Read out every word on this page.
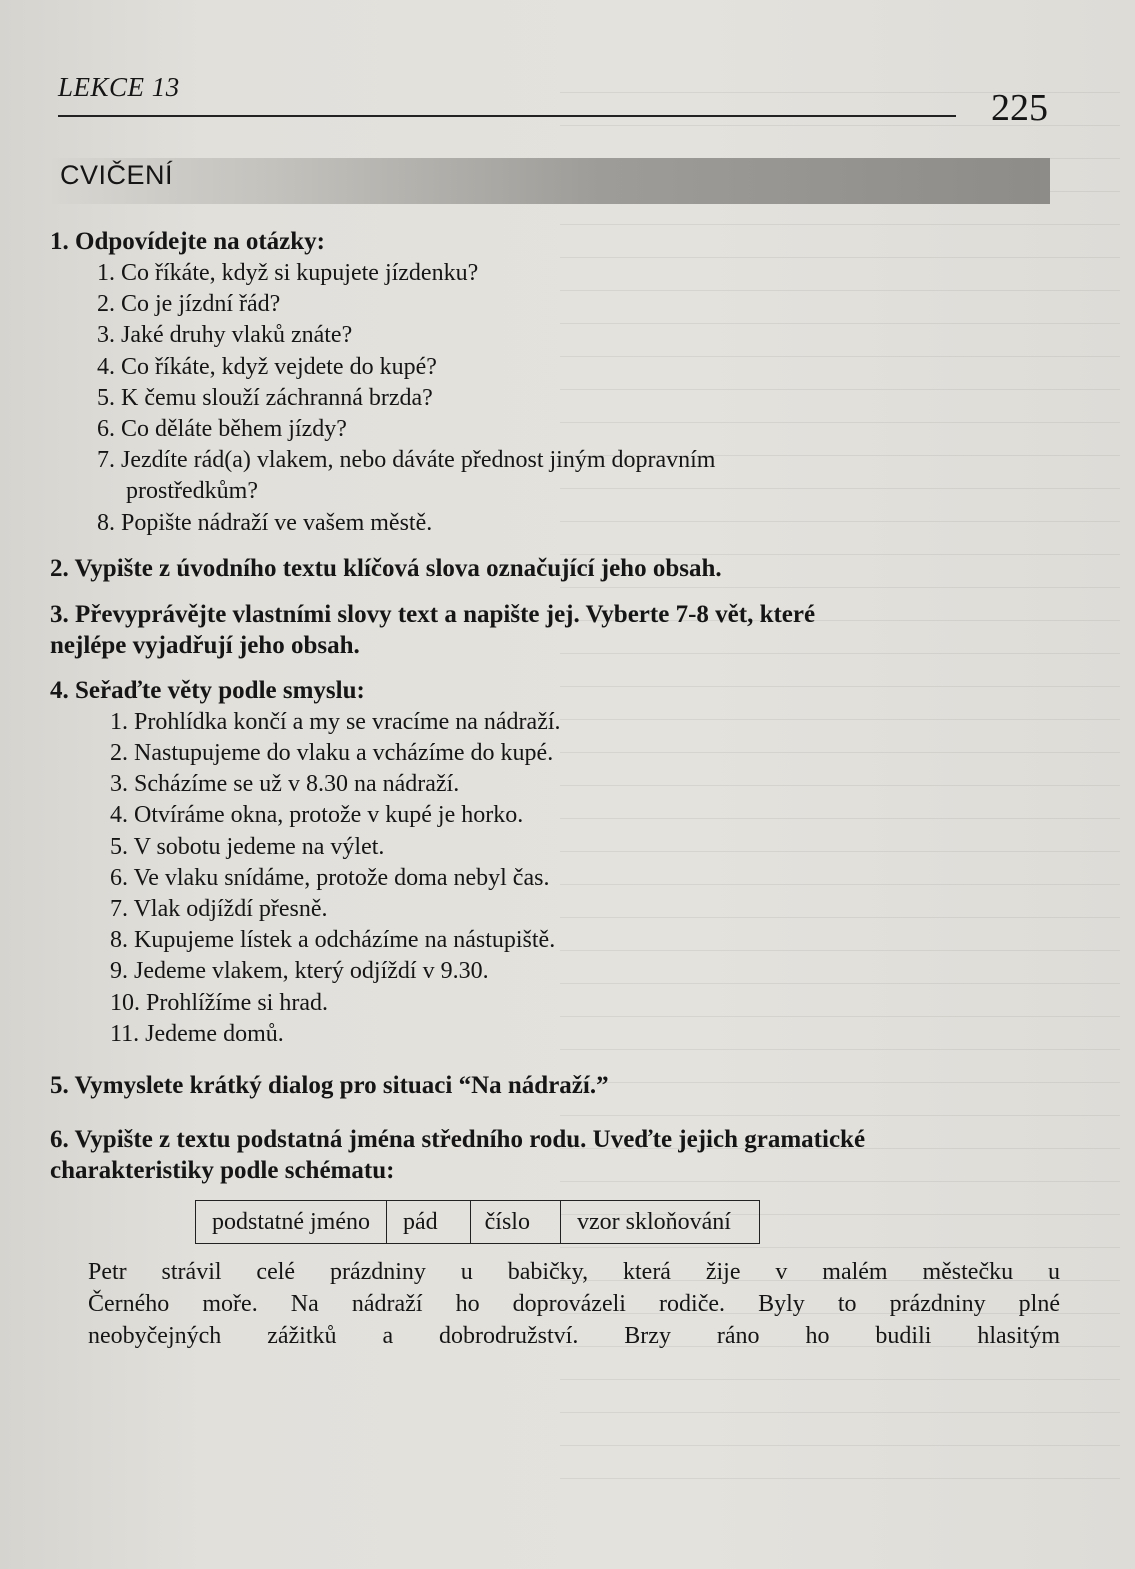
LEKCE 13	225
CVIČENÍ
1. Odpovídejte na otázky:
1. Co říkáte, když si kupujete jízdenku?
2. Co je jízdní řád?
3. Jaké druhy vlaků znáte?
4. Co říkáte, když vejdete do kupé?
5. K čemu slouží záchranná brzda?
6. Co děláte během jízdy?
7. Jezdíte rád(a) vlakem, nebo dáváte přednost jiným dopravním
prostředkům?
8. Popište nádraží ve vašem městě.
2. Vypište z úvodního textu klíčová slova označující jeho obsah.
3. Převyprávějte vlastními slovy text a napište jej. Vyberte 7-8 vět, které
nejlépe vyjadřují jeho obsah.
4. Seřaďte věty podle smyslu:
1. Prohlídka končí a my se vracíme na nádraží.
2. Nastupujeme do vlaku a vcházíme do kupé.
3. Scházíme se už v 8.30 na nádraží.
4. Otvíráme okna, protože v kupé je horko.
5. V sobotu jedeme na výlet.
6. Ve vlaku snídáme, protože doma nebyl čas.
7. Vlak odjíždí přesně.
8. Kupujeme lístek a odcházíme na nástupiště.
9. Jedeme vlakem, který odjíždí v 9.30.
10. Prohlížíme si hrad.
11. Jedeme domů.
5. Vymyslete krátký dialog pro situaci “Na nádraží.”
6. Vypište z textu podstatná jména středního rodu. Uveďte jejich gramatické
charakteristiky podle schématu:
podstatné jméno	pád	číslo	vzor skloňování
Petr strávil celé prázdniny u babičky, která žije v malém městečku u
Černého moře. Na nádraží ho doprovázeli rodiče. Byly to prázdniny plné
neobyčejných zážitků a dobrodružství. Brzy ráno ho budili hlasitým
